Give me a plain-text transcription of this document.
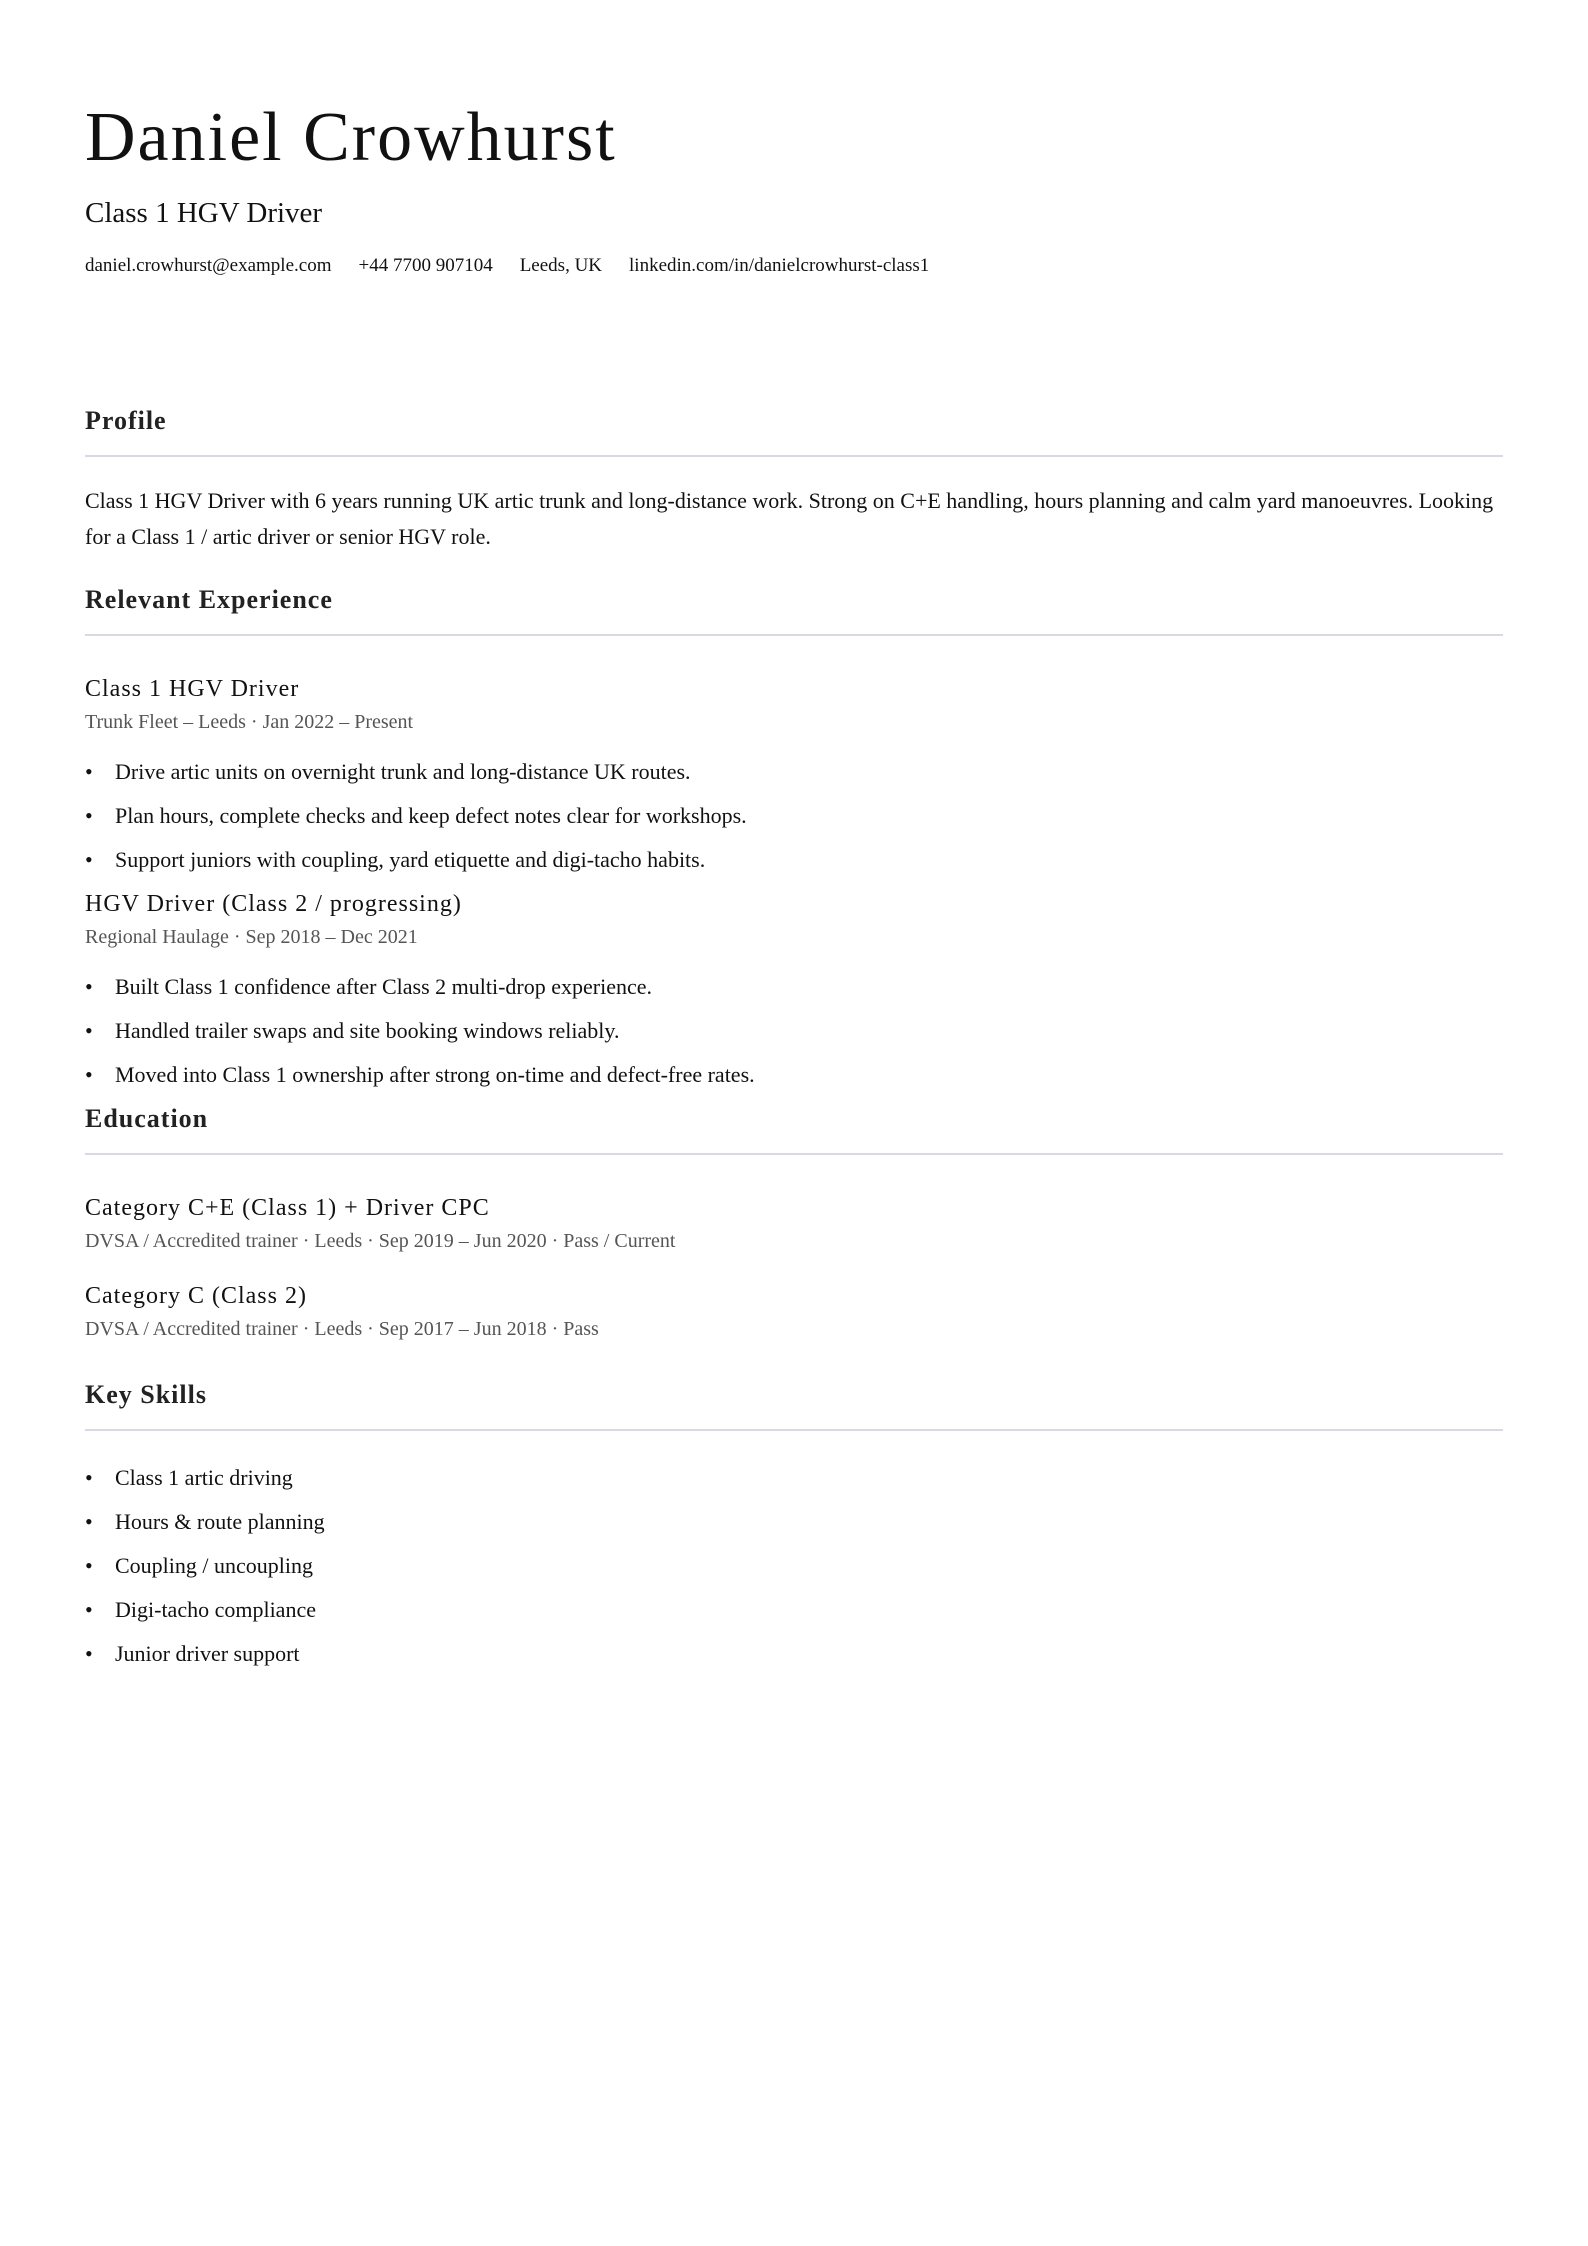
Daniel Crowhurst
Class 1 HGV Driver
daniel.crowhurst@example.com +44 7700 907104 Leeds, UK linkedin.com/in/danielcrowhurst-class1
Profile
Class 1 HGV Driver with 6 years running UK artic trunk and long-distance work. Strong on C+E handling, hours planning and calm yard manoeuvres. Looking for a Class 1 / artic driver or senior HGV role.
Relevant Experience
Class 1 HGV Driver
Trunk Fleet – Leeds · Jan 2022 – Present
•	Drive artic units on overnight trunk and long-distance UK routes.
•	Plan hours, complete checks and keep defect notes clear for workshops.
•	Support juniors with coupling, yard etiquette and digi-tacho habits.
HGV Driver (Class 2 / progressing)
Regional Haulage · Sep 2018 – Dec 2021
•	Built Class 1 confidence after Class 2 multi-drop experience.
•	Handled trailer swaps and site booking windows reliably.
•	Moved into Class 1 ownership after strong on-time and defect-free rates.
Education
Category C+E (Class 1) + Driver CPC
DVSA / Accredited trainer · Leeds · Sep 2019 – Jun 2020 · Pass / Current
Category C (Class 2)
DVSA / Accredited trainer · Leeds · Sep 2017 – Jun 2018 · Pass
Key Skills
•	Class 1 artic driving
•	Hours & route planning
•	Coupling / uncoupling
•	Digi-tacho compliance
•	Junior driver support
